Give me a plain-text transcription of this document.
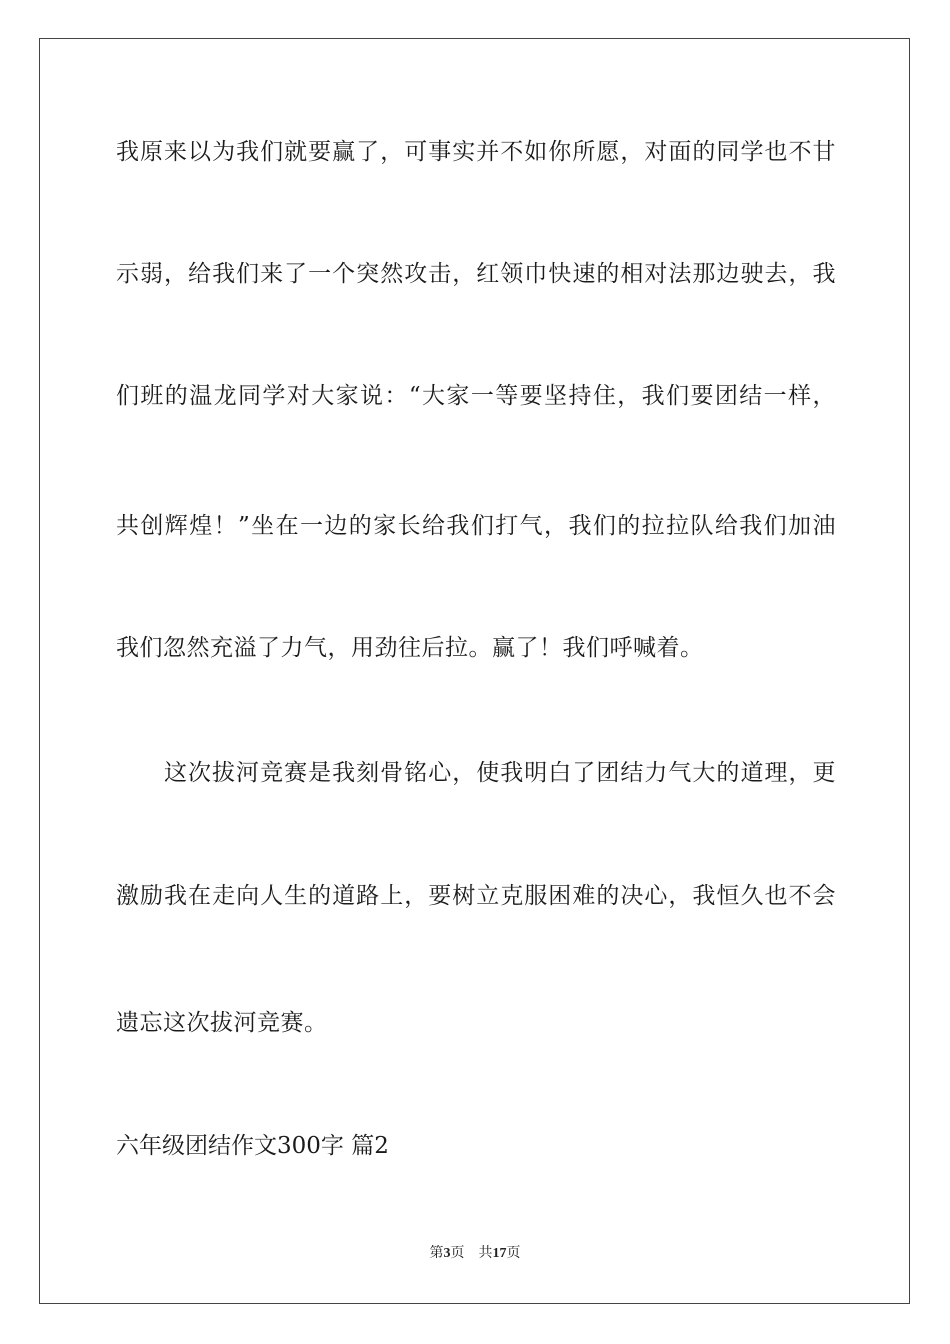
我原来以为我们就要赢了，可事实并不如你所愿，对面的同学也不甘
示弱，给我们来了一个突然攻击，红领巾快速的相对法那边驶去，我
们班的温龙同学对大家说：“大家一等要坚持住，我们要团结一样，
共创辉煌！”坐在一边的家长给我们打气，我们的拉拉队给我们加油
我们忽然充溢了力气，用劲往后拉。赢了！我们呼喊着。
这次拔河竞赛是我刻骨铭心，使我明白了团结力气大的道理，更
激励我在走向人生的道路上，要树立克服困难的决心，我恒久也不会
遗忘这次拔河竞赛。
六年级团结作文300字 篇2
第3页 共17页
